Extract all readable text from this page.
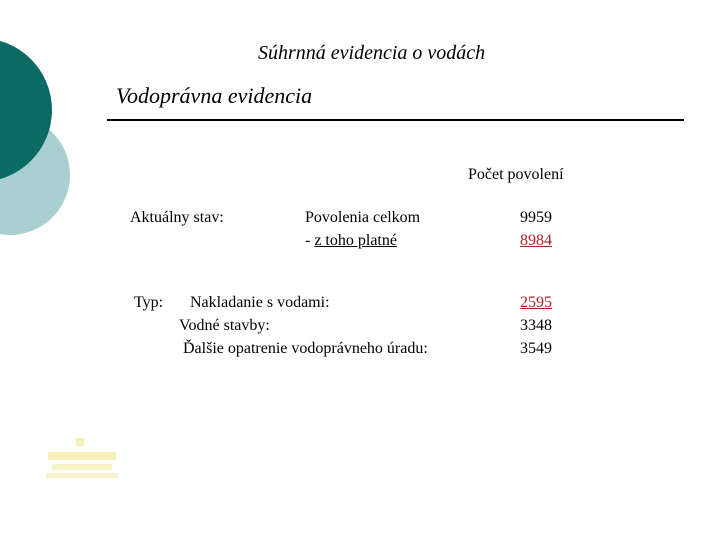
Súhrnná evidencia o vodách
Vodoprávna evidencia
Počet povolení
Aktuálny stav:	Povolenia celkom
- z toho platné
9959
8984
Typ: Nakladanie s vodami:
Vodné stavby:
Ďalšie opatrenie vodoprávneho úradu:
2595
3348
3549
